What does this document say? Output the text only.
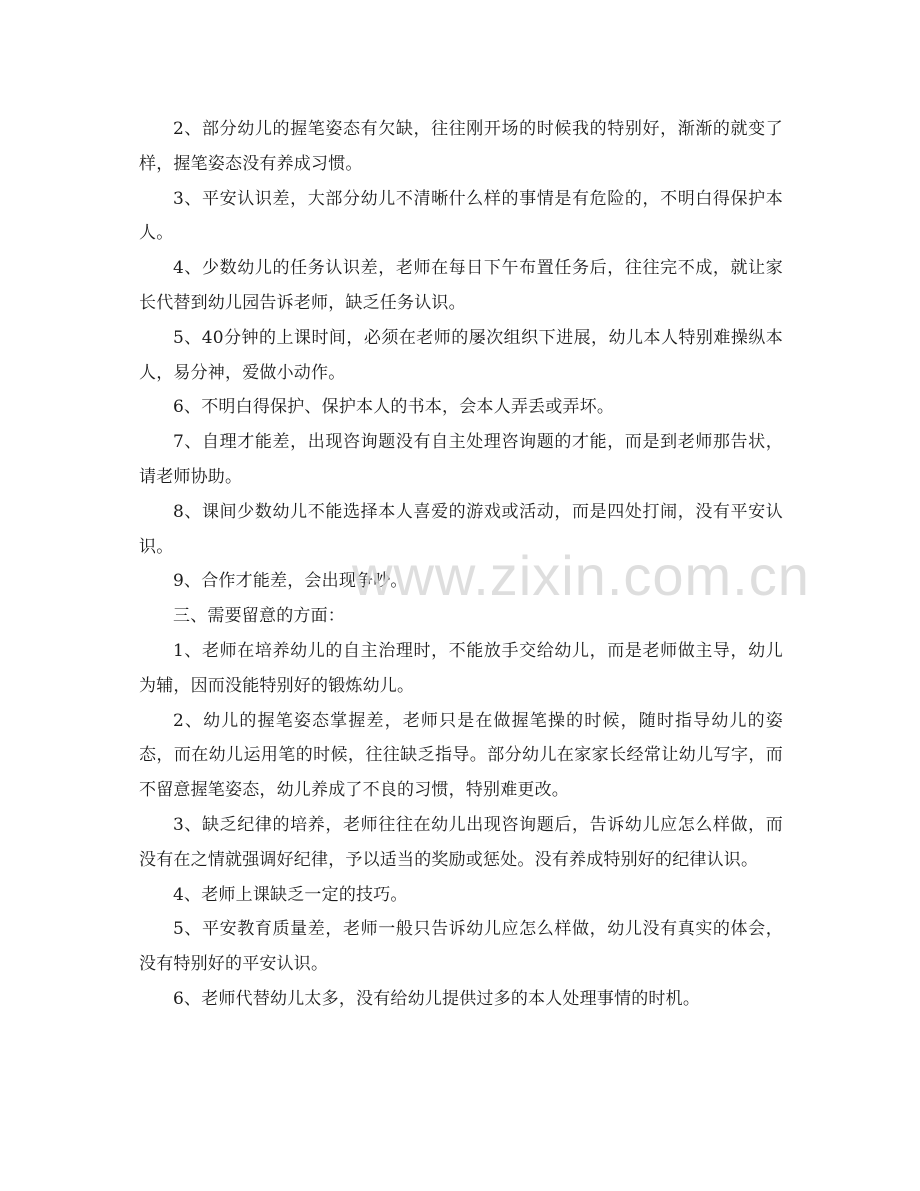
2、部分幼儿的握笔姿态有欠缺，往往刚开场的时候我的特别好，渐渐的就变了样，握笔姿态没有养成习惯。

3、平安认识差，大部分幼儿不清晰什么样的事情是有危险的，不明白得保护本人。

4、少数幼儿的任务认识差，老师在每日下午布置任务后，往往完不成，就让家长代替到幼儿园告诉老师，缺乏任务认识。

5、40分钟的上课时间，必须在老师的屡次组织下进展，幼儿本人特别难操纵本人，易分神，爱做小动作。

6、不明白得保护、保护本人的书本，会本人弄丢或弄坏。

7、自理才能差，出现咨询题没有自主处理咨询题的才能，而是到老师那告状，请老师协助。

8、课间少数幼儿不能选择本人喜爱的游戏或活动，而是四处打闹，没有平安认识。

9、合作才能差，会出现争吵。

三、需要留意的方面：

1、老师在培养幼儿的自主治理时，不能放手交给幼儿，而是老师做主导，幼儿为辅，因而没能特别好的锻炼幼儿。

2、幼儿的握笔姿态掌握差，老师只是在做握笔操的时候，随时指导幼儿的姿态，而在幼儿运用笔的时候，往往缺乏指导。部分幼儿在家家长经常让幼儿写字，而不留意握笔姿态，幼儿养成了不良的习惯，特别难更改。

3、缺乏纪律的培养，老师往往在幼儿出现咨询题后，告诉幼儿应怎么样做，而没有在之情就强调好纪律，予以适当的奖励或惩处。没有养成特别好的纪律认识。

4、老师上课缺乏一定的技巧。

5、平安教育质量差，老师一般只告诉幼儿应怎么样做，幼儿没有真实的体会，没有特别好的平安认识。

6、老师代替幼儿太多，没有给幼儿提供过多的本人处理事情的时机。

www.zixin.com.cn
